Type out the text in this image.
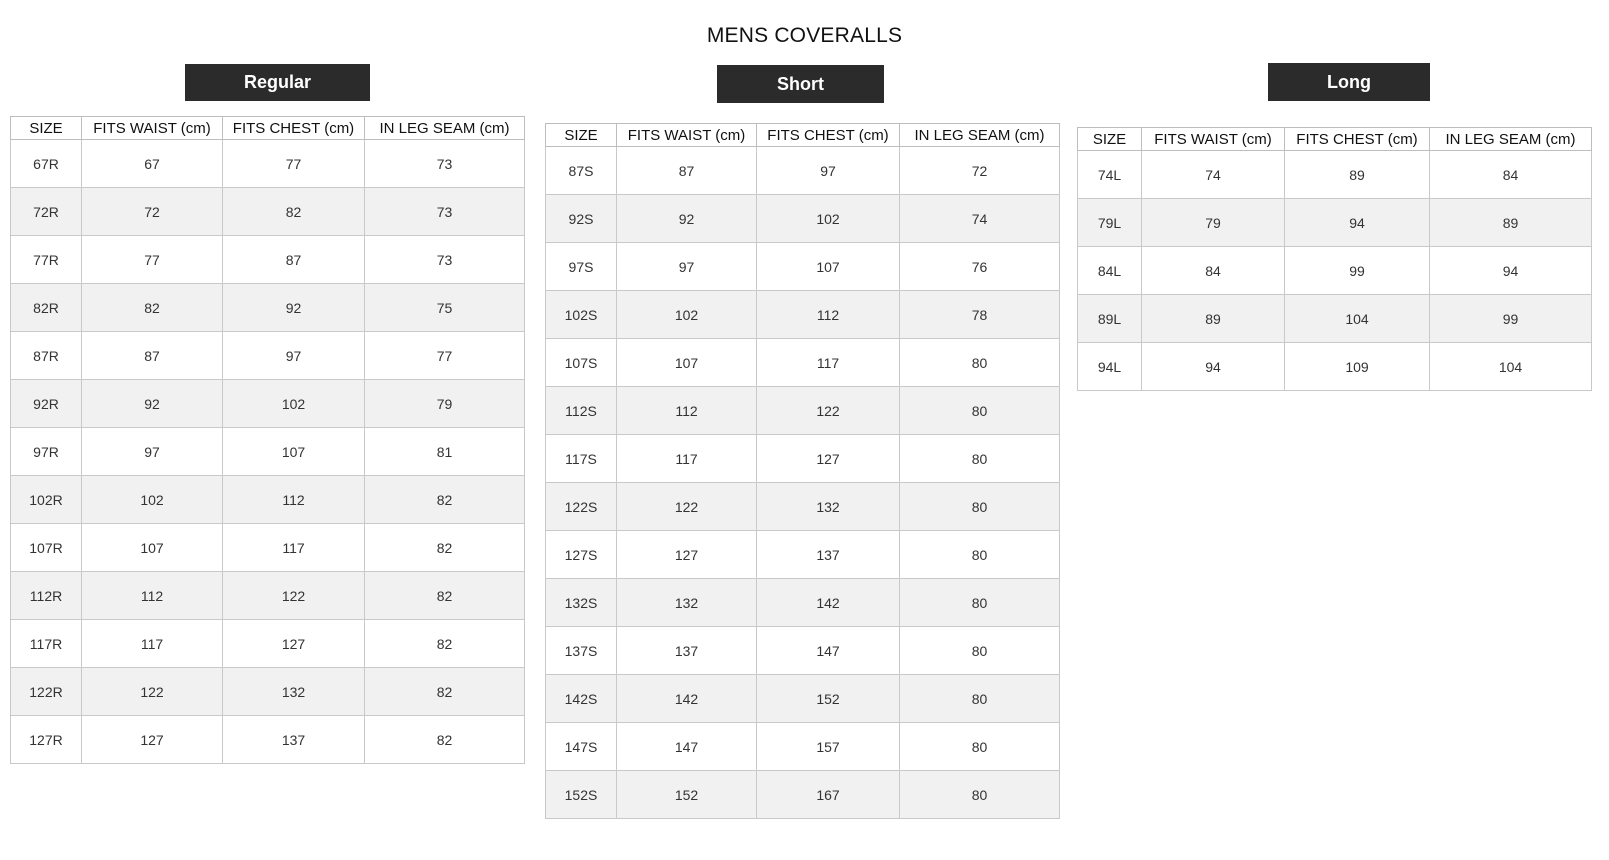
MENS COVERALLS
Regular
SIZE	FITS WAIST (cm)	FITS CHEST (cm)	IN LEG SEAM (cm)
67R	67	77	73
72R	72	82	73
77R	77	87	73
82R	82	92	75
87R	87	97	77
92R	92	102	79
97R	97	107	81
102R	102	112	82
107R	107	117	82
112R	112	122	82
117R	117	127	82
122R	122	132	82
127R	127	137	82
Short
SIZE	FITS WAIST (cm)	FITS CHEST (cm)	IN LEG SEAM (cm)
87S	87	97	72
92S	92	102	74
97S	97	107	76
102S	102	112	78
107S	107	117	80
112S	112	122	80
117S	117	127	80
122S	122	132	80
127S	127	137	80
132S	132	142	80
137S	137	147	80
142S	142	152	80
147S	147	157	80
152S	152	167	80
Long
SIZE	FITS WAIST (cm)	FITS CHEST (cm)	IN LEG SEAM (cm)
74L	74	89	84
79L	79	94	89
84L	84	99	94
89L	89	104	99
94L	94	109	104
